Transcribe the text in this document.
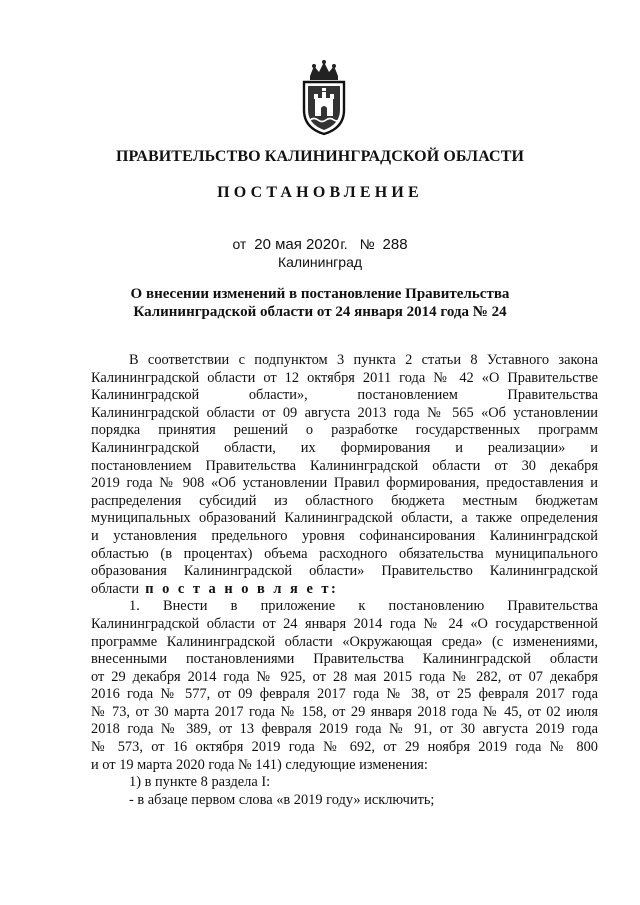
ПРАВИТЕЛЬСТВО КАЛИНИНГРАДСКОЙ ОБЛАСТИ
ПОСТАНОВЛЕНИЕ
от 20 мая 2020г. № 288
Калининград
О внесении изменений в постановление Правительства
Калининградской области от 24 января 2014 года № 24
В соответствии с подпунктом 3 пункта 2 статьи 8 Уставного закона
Калининградской области от 12 октября 2011 года № 42 «О Правительстве
Калининградской области», постановлением Правительства
Калининградской области от 09 августа 2013 года № 565 «Об установлении
порядка принятия решений о разработке государственных программ
Калининградской области, их формирования и реализации» и
постановлением Правительства Калининградской области от 30 декабря
2019 года № 908 «Об установлении Правил формирования, предоставления и
распределения субсидий из областного бюджета местным бюджетам
муниципальных образований Калининградской области, а также определения
и установления предельного уровня софинансирования Калининградской
областью (в процентах) объема расходного обязательства муниципального
образования Калининградской области» Правительство Калининградской
области п о с т а н о в л я е т:
1. Внести в приложение к постановлению Правительства
Калининградской области от 24 января 2014 года № 24 «О государственной
программе Калининградской области «Окружающая среда» (с изменениями,
внесенными постановлениями Правительства Калининградской области
от 29 декабря 2014 года № 925, от 28 мая 2015 года № 282, от 07 декабря
2016 года № 577, от 09 февраля 2017 года № 38, от 25 февраля 2017 года
№ 73, от 30 марта 2017 года № 158, от 29 января 2018 года № 45, от 02 июля
2018 года № 389, от 13 февраля 2019 года № 91, от 30 августа 2019 года
№ 573, от 16 октября 2019 года № 692, от 29 ноября 2019 года № 800
и от 19 марта 2020 года № 141) следующие изменения:
1) в пункте 8 раздела I:
- в абзаце первом слова «в 2019 году» исключить;
